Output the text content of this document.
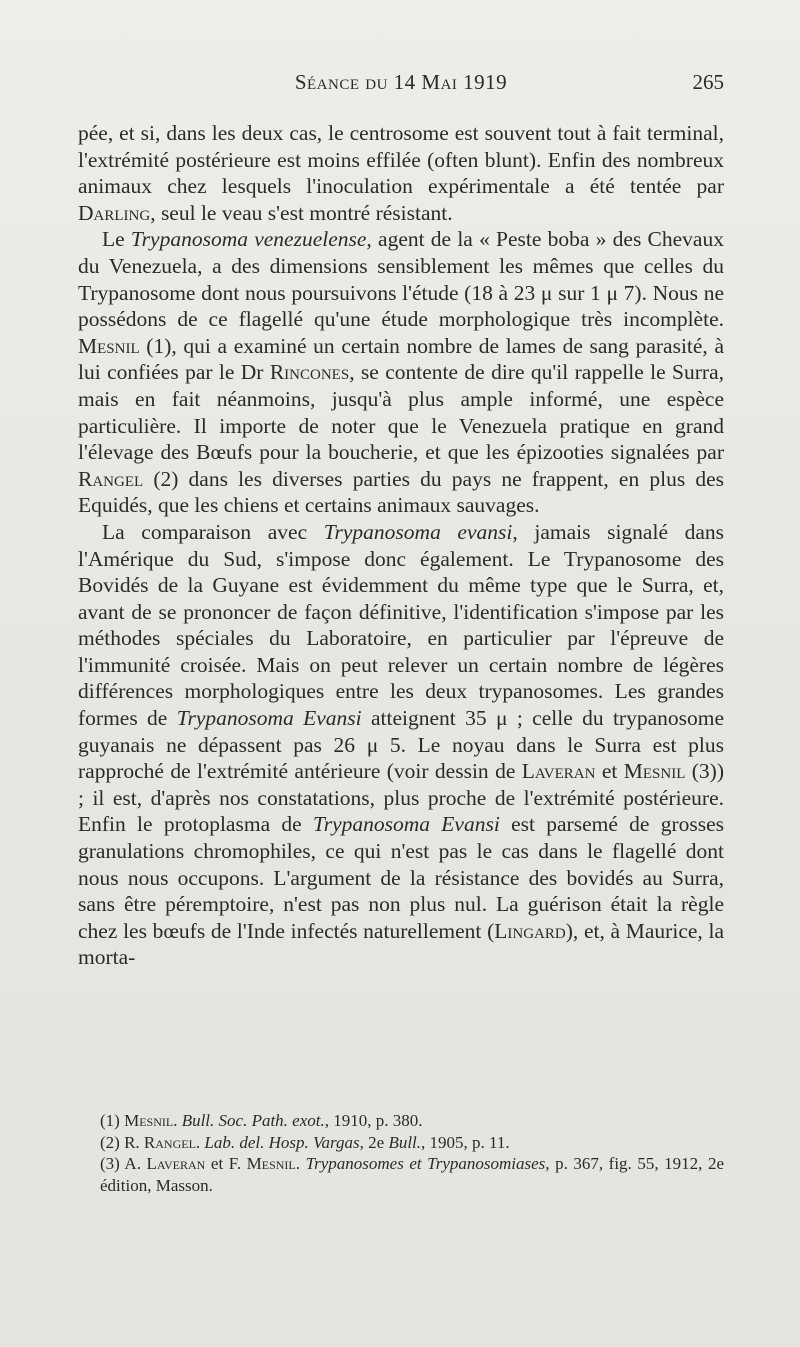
Séance du 14 Mai 1919	265

pée, et si, dans les deux cas, le centrosome est souvent tout à fait terminal, l'extrémité postérieure est moins effilée (often blunt). Enfin des nombreux animaux chez lesquels l'inoculation expérimentale a été tentée par Darling, seul le veau s'est montré résistant.

Le Trypanosoma venezuelense, agent de la « Peste boba » des Chevaux du Venezuela, a des dimensions sensiblement les mêmes que celles du Trypanosome dont nous poursuivons l'étude (18 à 23 μ sur 1 μ 7). Nous ne possédons de ce flagellé qu'une étude morphologique très incomplète. Mesnil (1), qui a examiné un certain nombre de lames de sang parasité, à lui confiées par le Dr Rincones, se contente de dire qu'il rappelle le Surra, mais en fait néanmoins, jusqu'à plus ample informé, une espèce particulière. Il importe de noter que le Venezuela pratique en grand l'élevage des Bœufs pour la boucherie, et que les épizooties signalées par Rangel (2) dans les diverses parties du pays ne frappent, en plus des Equidés, que les chiens et certains animaux sauvages.

La comparaison avec Trypanosoma evansi, jamais signalé dans l'Amérique du Sud, s'impose donc également. Le Trypanosome des Bovidés de la Guyane est évidemment du même type que le Surra, et, avant de se prononcer de façon définitive, l'identification s'impose par les méthodes spéciales du Laboratoire, en particulier par l'épreuve de l'immunité croisée. Mais on peut relever un certain nombre de légères différences morphologiques entre les deux trypanosomes. Les grandes formes de Trypanosoma Evansi atteignent 35 μ ; celle du trypanosome guyanais ne dépassent pas 26 μ 5. Le noyau dans le Surra est plus rapproché de l'extrémité antérieure (voir dessin de Laveran et Mesnil (3)) ; il est, d'après nos constatations, plus proche de l'extrémité postérieure. Enfin le protoplasma de Trypanosoma Evansi est parsemé de grosses granulations chromophiles, ce qui n'est pas le cas dans le flagellé dont nous nous occupons. L'argument de la résistance des bovidés au Surra, sans être péremptoire, n'est pas non plus nul. La guérison était la règle chez les bœufs de l'Inde infectés naturellement (Lingard), et, à Maurice, la morta-

(1) Mesnil. Bull. Soc. Path. exot., 1910, p. 380.

(2) R. Rangel. Lab. del. Hosp. Vargas, 2e Bull., 1905, p. 11.

(3) A. Laveran et F. Mesnil. Trypanosomes et Trypanosomiases, p. 367, fig. 55, 1912, 2e édition, Masson.
